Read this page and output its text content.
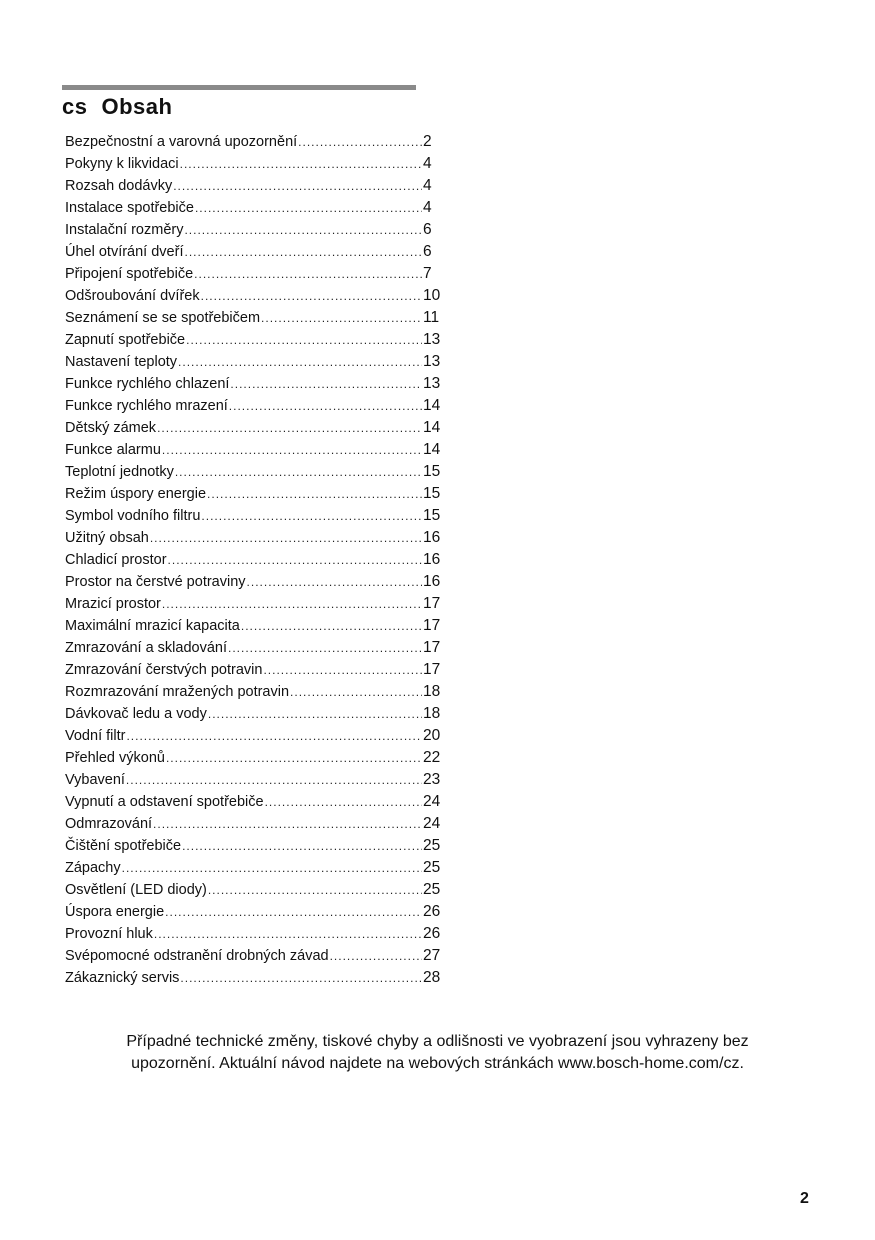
cs Obsah
Bezpečnostní a varovná upozornění .....	2
Pokyny k likvidaci .....	4
Rozsah dodávky .....	4
Instalace spotřebiče .....	4
Instalační rozměry .....	6
Úhel otvírání dveří .....	6
Připojení spotřebiče .....	7
Odšroubování dvířek .....	10
Seznámení se se spotřebičem .....	11
Zapnutí spotřebiče .....	13
Nastavení teploty .....	13
Funkce rychlého chlazení .....	13
Funkce rychlého mrazení .....	14
Dětský zámek .....	14
Funkce alarmu .....	14
Teplotní jednotky .....	15
Režim úspory energie .....	15
Symbol vodního filtru .....	15
Užitný obsah .....	16
Chladicí prostor .....	16
Prostor na čerstvé potraviny .....	16
Mrazicí prostor .....	17
Maximální mrazicí kapacita .....	17
Zmrazování a skladování .....	17
Zmrazování čerstvých potravin .....	17
Rozmrazování mražených potravin .....	18
Dávkovač ledu a vody .....	18
Vodní filtr .....	20
Přehled výkonů .....	22
Vybavení .....	23
Vypnutí a odstavení spotřebiče .....	24
Odmrazování .....	24
Čištění spotřebiče .....	25
Zápachy .....	25
Osvětlení (LED diody) .....	25
Úspora energie .....	26
Provozní hluk .....	26
Svépomocné odstranění drobných závad .....	27
Zákaznický servis .....	28
Případné technické změny, tiskové chyby a odlišnosti ve vyobrazení jsou vyhrazeny bez
upozornění. Aktuální návod najdete na webových stránkách www.bosch-home.com/cz.
2
